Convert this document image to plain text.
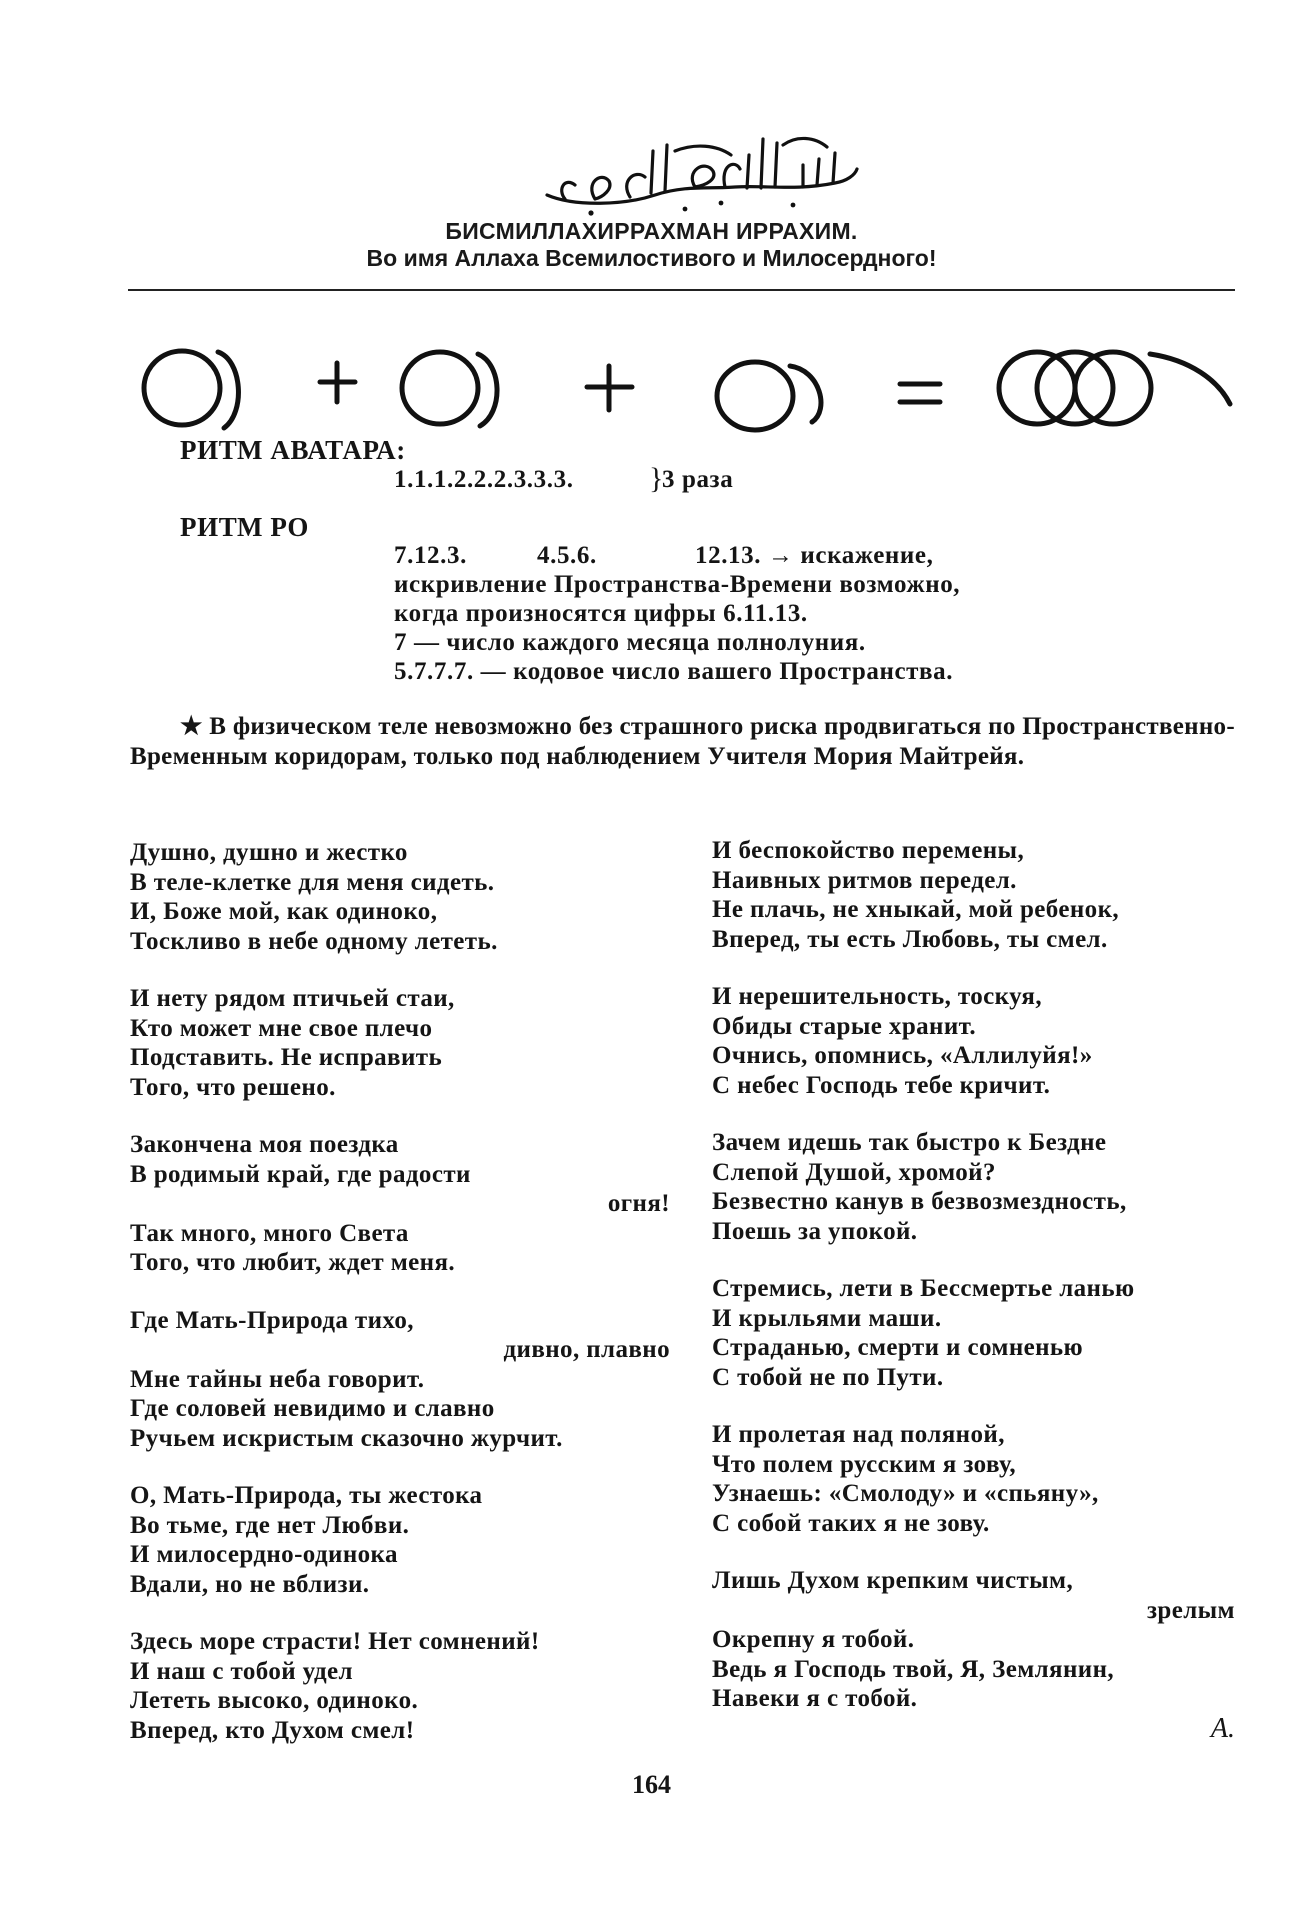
БИСМИЛЛАХИРРАХМАН ИРРАХИМ.
Во имя Аллаха Всемилостивого и Милосердного!
РИТМ АВАТАРА:
1.1.1.2.2.2.3.3.3.	}
3 раза
РИТМ РО
7.12.3.	4.5.6.	12.13. → искажение,
искривление Пространства-Времени возможно,
когда произносятся цифры 6.11.13.
7 — число каждого месяца полнолуния.
5.7.7.7. — кодовое число вашего Пространства.
★ В физическом теле невозможно без страшного риска продвигаться по Пространственно-Временным коридорам, только под наблюдением Учителя Мория Майтрейя.
Душно, душно и жестко
В теле-клетке для меня сидеть.
И, Боже мой, как одиноко,
Тоскливо в небе одному лететь.
И нету рядом птичьей стаи,
Кто может мне свое плечо
Подставить. Не исправить
Того, что решено.
Закончена моя поездка
В родимый край, где радости
огня!
Так много, много Света
Того, что любит, ждет меня.
Где Мать-Природа тихо,
дивно, плавно
Мне тайны неба говорит.
Где соловей невидимо и славно
Ручьем искристым сказочно журчит.
О, Мать-Природа, ты жестока
Во тьме, где нет Любви.
И милосердно-одинока
Вдали, но не вблизи.
Здесь море страсти! Нет сомнений!
И наш с тобой удел
Лететь высоко, одиноко.
Вперед, кто Духом смел!
И беспокойство перемены,
Наивных ритмов передел.
Не плачь, не хныкай, мой ребенок,
Вперед, ты есть Любовь, ты смел.
И нерешительность, тоскуя,
Обиды старые хранит.
Очнись, опомнись, «Аллилуйя!»
С небес Господь тебе кричит.
Зачем идешь так быстро к Бездне
Слепой Душой, хромой?
Безвестно канув в безвозмездность,
Поешь за упокой.
Стремись, лети в Бессмертье ланью
И крыльями маши.
Страданью, смерти и сомненью
С тобой не по Пути.
И пролетая над поляной,
Что полем русским я зову,
Узнаешь: «Смолоду» и «спьяну»,
С собой таких я не зову.
Лишь Духом крепким чистым,
зрелым
Окрепну я тобой.
Ведь я Господь твой, Я, Землянин,
Навеки я с тобой.
А.
164
